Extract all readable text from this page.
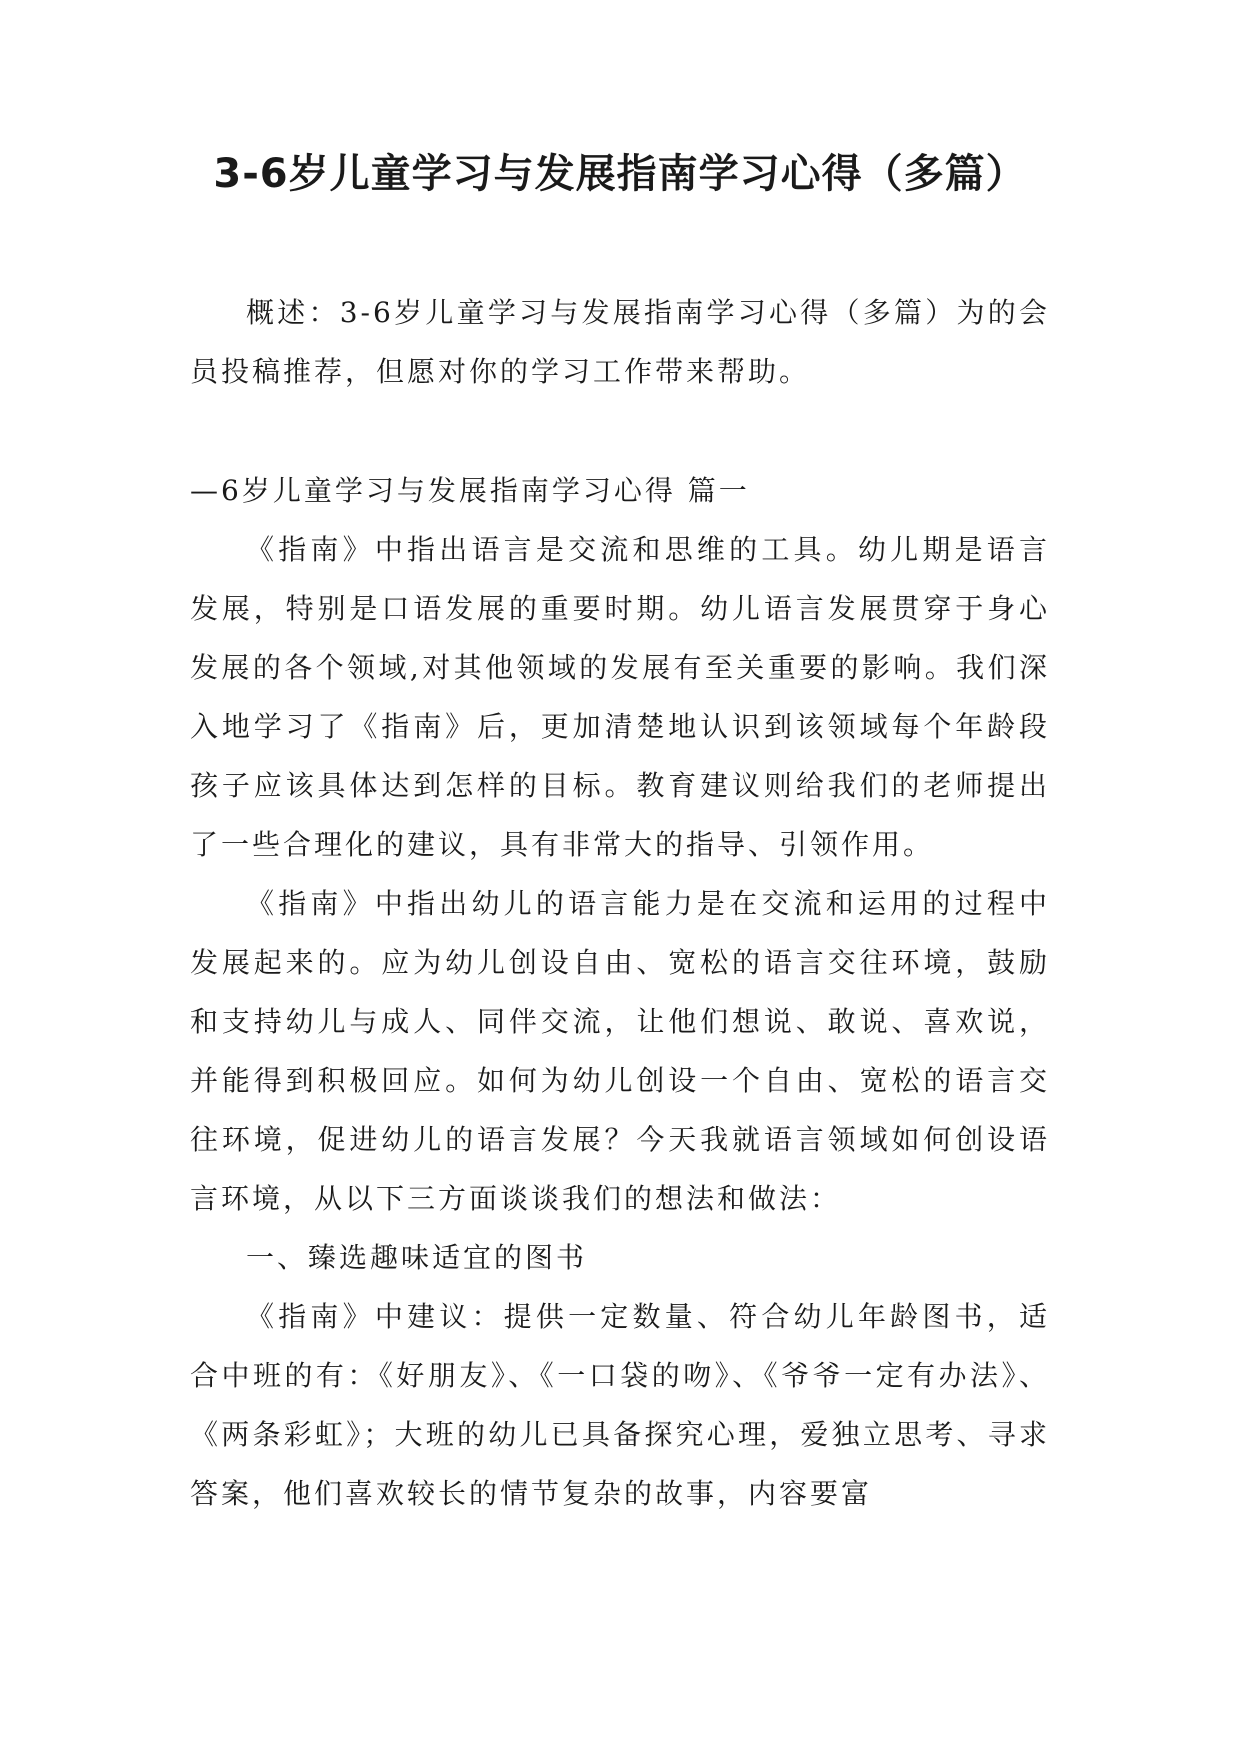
3-6岁儿童学习与发展指南学习心得（多篇）

概述：3-6岁儿童学习与发展指南学习心得（多篇）为的会员投稿推荐，但愿对你的学习工作带来帮助。

—6岁儿童学习与发展指南学习心得 篇一

《指南》中指出语言是交流和思维的工具。幼儿期是语言发展，特别是口语发展的重要时期。幼儿语言发展贯穿于身心发展的各个领域,对其他领域的发展有至关重要的影响。我们深入地学习了《指南》后，更加清楚地认识到该领域每个年龄段孩子应该具体达到怎样的目标。教育建议则给我们的老师提出了一些合理化的建议，具有非常大的指导、引领作用。

《指南》中指出幼儿的语言能力是在交流和运用的过程中发展起来的。应为幼儿创设自由、宽松的语言交往环境，鼓励和支持幼儿与成人、同伴交流，让他们想说、敢说、喜欢说，并能得到积极回应。如何为幼儿创设一个自由、宽松的语言交往环境，促进幼儿的语言发展？今天我就语言领域如何创设语言环境，从以下三方面谈谈我们的想法和做法：

一、臻选趣味适宜的图书

《指南》中建议：提供一定数量、符合幼儿年龄图书，适合中班的有：《好朋友》、《一口袋的吻》、《爷爷一定有办法》、《两条彩虹》；大班的幼儿已具备探究心理，爱独立思考、寻求答案，他们喜欢较长的情节复杂的故事，内容要富
